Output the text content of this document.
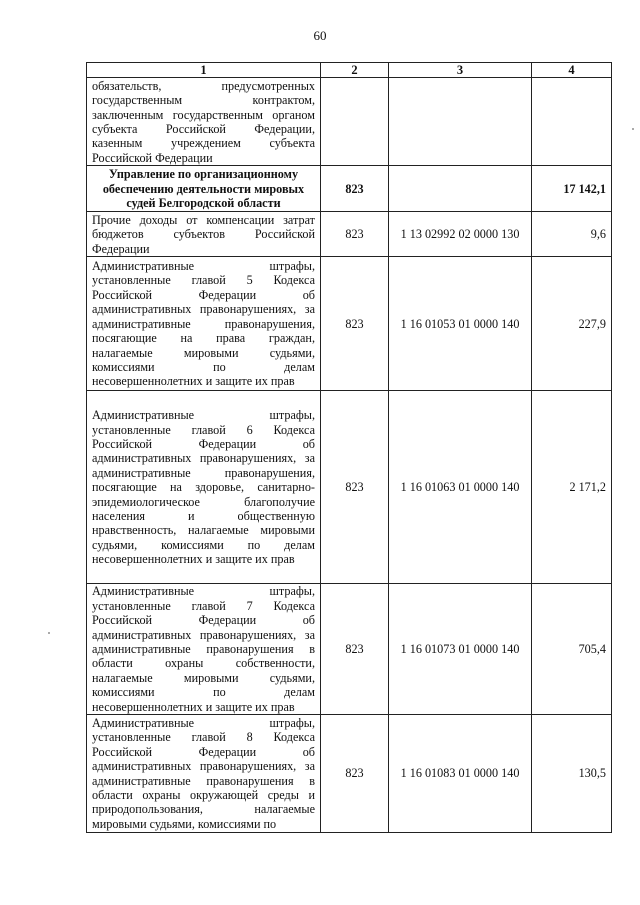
60
1	2	3	4
обязательств, предусмотренных государственным контрактом, заключенным государственным органом субъекта Российской Федерации, казенным учреждением субъекта Российской Федерации			
Управление по организационному обеспечению деятельности мировых судей Белгородской области	823		17 142,1
Прочие доходы от компенсации затрат бюджетов субъектов Российской Федерации	823	1 13 02992 02 0000 130	9,6
Административные штрафы, установленные главой 5 Кодекса Российской Федерации об административных правонарушениях, за административные правонарушения, посягающие на права граждан, налагаемые мировыми судьями, комиссиями по делам несовершеннолетних и защите их прав	823	1 16 01053 01 0000 140	227,9
Административные штрафы, установленные главой 6 Кодекса Российской Федерации об административных правонарушениях, за административные правонарушения, посягающие на здоровье, санитарно-эпидемиологическое благополучие населения и общественную нравственность, налагаемые мировыми судьями, комиссиями по делам несовершеннолетних и защите их прав	823	1 16 01063 01 0000 140	2 171,2
Административные штрафы, установленные главой 7 Кодекса Российской Федерации об административных правонарушениях, за административные правонарушения в области охраны собственности, налагаемые мировыми судьями, комиссиями по делам несовершеннолетних и защите их прав	823	1 16 01073 01 0000 140	705,4
Административные штрафы, установленные главой 8 Кодекса Российской Федерации об административных правонарушениях, за административные правонарушения в области охраны окружающей среды и природопользования, налагаемые мировыми судьями, комиссиями по	823	1 16 01083 01 0000 140	130,5
